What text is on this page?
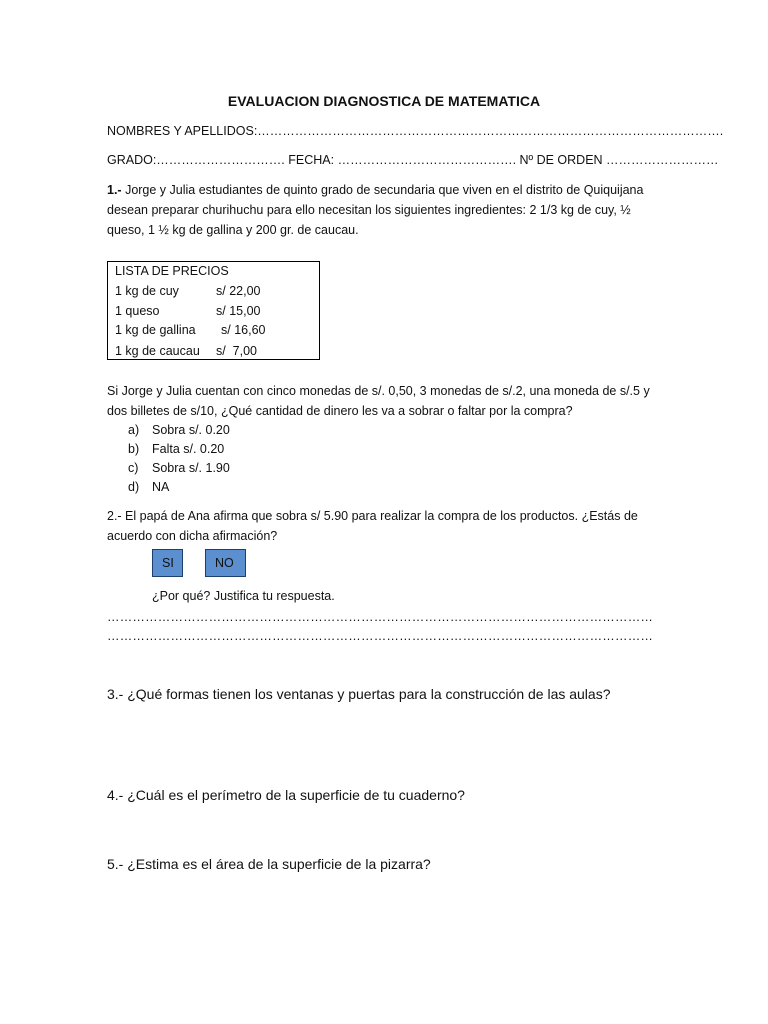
EVALUACION DIAGNOSTICA DE MATEMATICA
NOMBRES Y APELLIDOS:………………………………………………………………………………………………….
GRADO:…………………………. FECHA: ……………………………………. Nº DE ORDEN ………………………
1.- Jorge y Julia estudiantes de quinto grado de secundaria que viven en el distrito de Quiquijana
desean preparar churihuchu para ello necesitan los siguientes ingredientes: 2 1/3 kg de cuy, ½
queso, 1 ½ kg de gallina y 200 gr. de caucau.
LISTA DE PRECIOS
1 kg de cuy	s/ 22,00
1 queso	s/ 15,00
1 kg de gallina s/ 16,60
1 kg de caucau s/  7,00
Si Jorge y Julia cuentan con cinco monedas de s/. 0,50, 3 monedas de s/.2, una moneda de s/.5 y
dos billetes de s/10, ¿Qué cantidad de dinero les va a sobrar o faltar por la compra?
a) Sobra s/. 0.20
b) Falta s/. 0.20
c) Sobra s/. 1.90
d) NA
2.- El papá de Ana afirma que sobra s/ 5.90 para realizar la compra de los productos. ¿Estás de
acuerdo con dicha afirmación?
SI	NO
¿Por qué? Justifica tu respuesta.
…………………………………………………………………………………………………………………
…………………………………………………………………………………………………………………
3.- ¿Qué formas tienen los ventanas y puertas para la construcción de las aulas?
4.- ¿Cuál es el perímetro de la superficie de tu cuaderno?
5.- ¿Estima es el área de la superficie de la pizarra?
